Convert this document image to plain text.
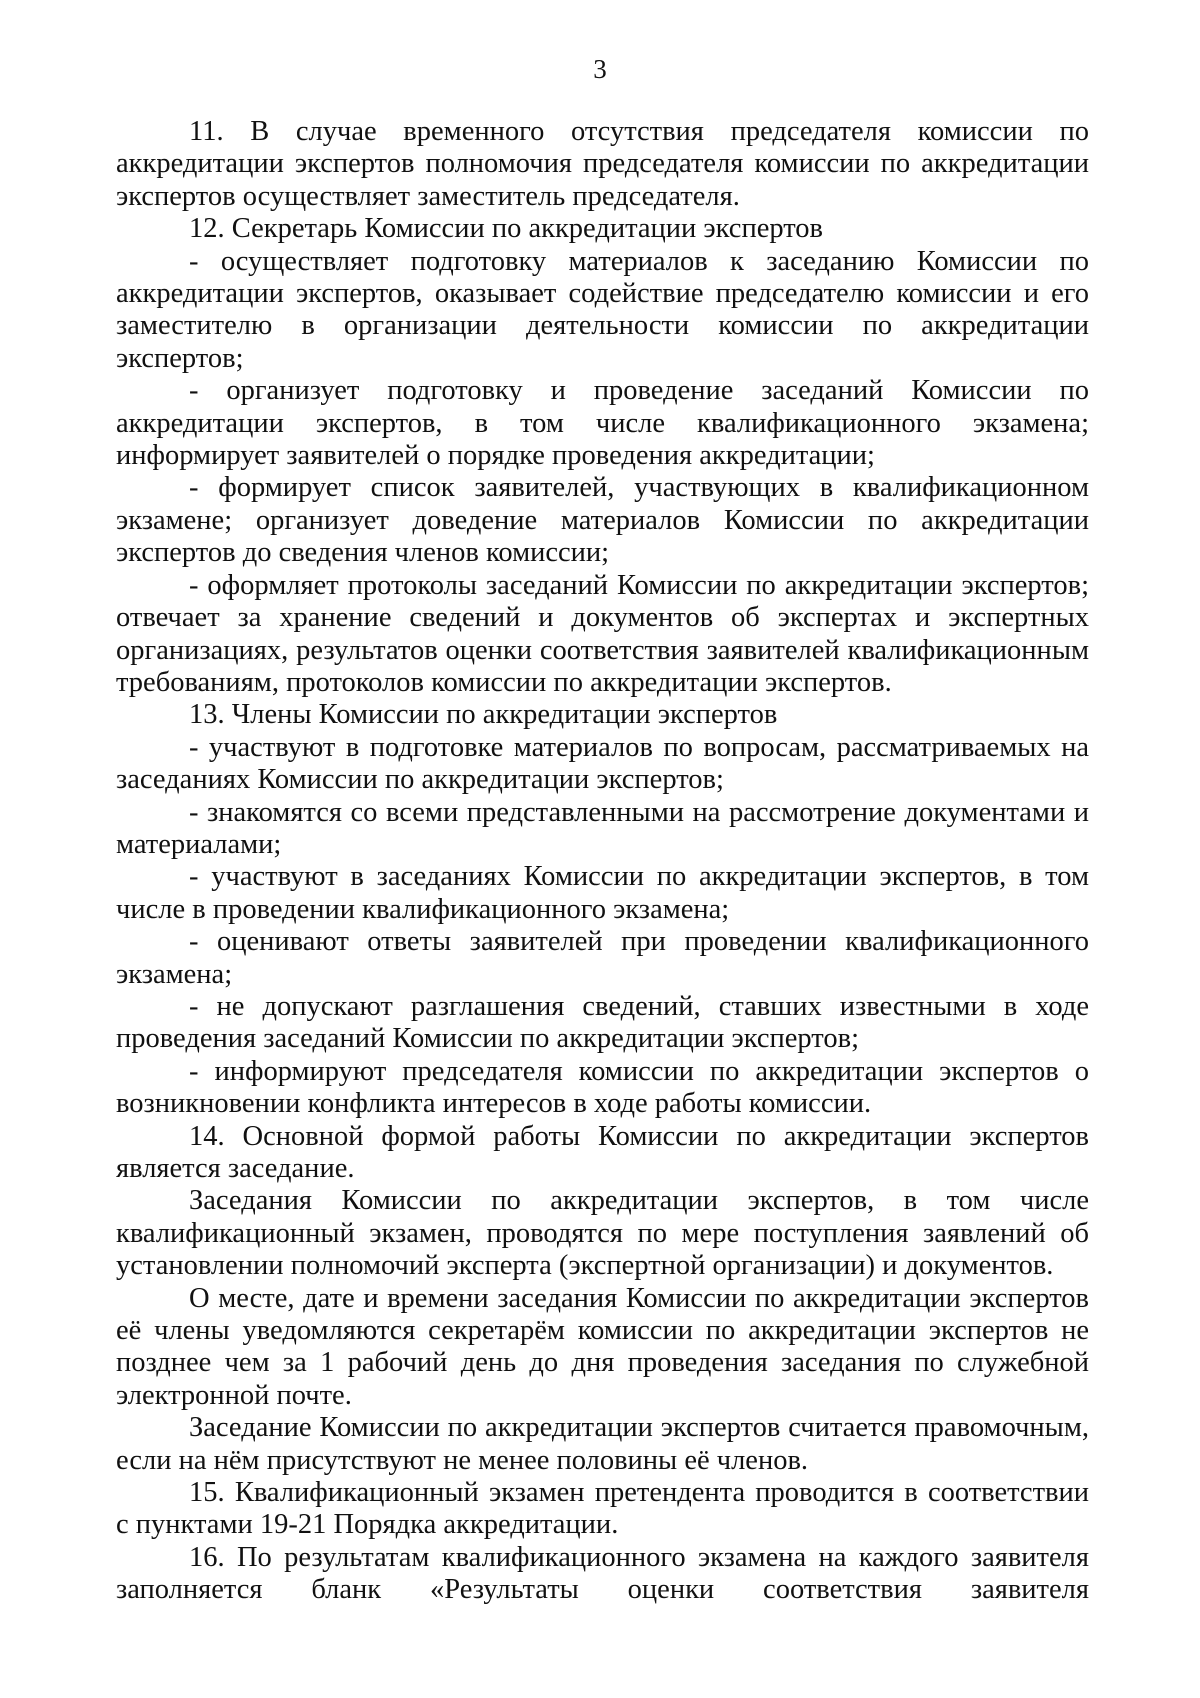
3

11. В случае временного отсутствия председателя комиссии по аккредитации экспертов полномочия председателя комиссии по аккредитации экспертов осуществляет заместитель председателя.

12. Секретарь Комиссии по аккредитации экспертов

- осуществляет подготовку материалов к заседанию Комиссии по аккредитации экспертов, оказывает содействие председателю комиссии и его заместителю в организации деятельности комиссии по аккредитации экспертов;

- организует подготовку и проведение заседаний Комиссии по аккредитации экспертов, в том числе квалификационного экзамена; информирует заявителей о порядке проведения аккредитации;

- формирует список заявителей, участвующих в квалификационном экзамене; организует доведение материалов Комиссии по аккредитации экспертов до сведения членов комиссии;

- оформляет протоколы заседаний Комиссии по аккредитации экспертов; отвечает за хранение сведений и документов об экспертах и экспертных организациях, результатов оценки соответствия заявителей квалификационным требованиям, протоколов комиссии по аккредитации экспертов.

13. Члены Комиссии по аккредитации экспертов

- участвуют в подготовке материалов по вопросам, рассматриваемых на заседаниях Комиссии по аккредитации экспертов;

- знакомятся со всеми представленными на рассмотрение документами и материалами;

- участвуют в заседаниях Комиссии по аккредитации экспертов, в том числе в проведении квалификационного экзамена;

- оценивают ответы заявителей при проведении квалификационного экзамена;

- не допускают разглашения сведений, ставших известными в ходе проведения заседаний Комиссии по аккредитации экспертов;

- информируют председателя комиссии по аккредитации экспертов о возникновении конфликта интересов в ходе работы комиссии.

14. Основной формой работы Комиссии по аккредитации экспертов является заседание.

Заседания Комиссии по аккредитации экспертов, в том числе квалификационный экзамен, проводятся по мере поступления заявлений об установлении полномочий эксперта (экспертной организации) и документов.

О месте, дате и времени заседания Комиссии по аккредитации экспертов её члены уведомляются секретарём комиссии по аккредитации экспертов не позднее чем за 1 рабочий день до дня проведения заседания по служебной электронной почте.

Заседание Комиссии по аккредитации экспертов считается правомочным, если на нём присутствуют не менее половины её членов.

15. Квалификационный экзамен претендента проводится в соответствии с пунктами 19-21 Порядка аккредитации.

16. По результатам квалификационного экзамена на каждого заявителя заполняется бланк «Результаты оценки соответствия заявителя
